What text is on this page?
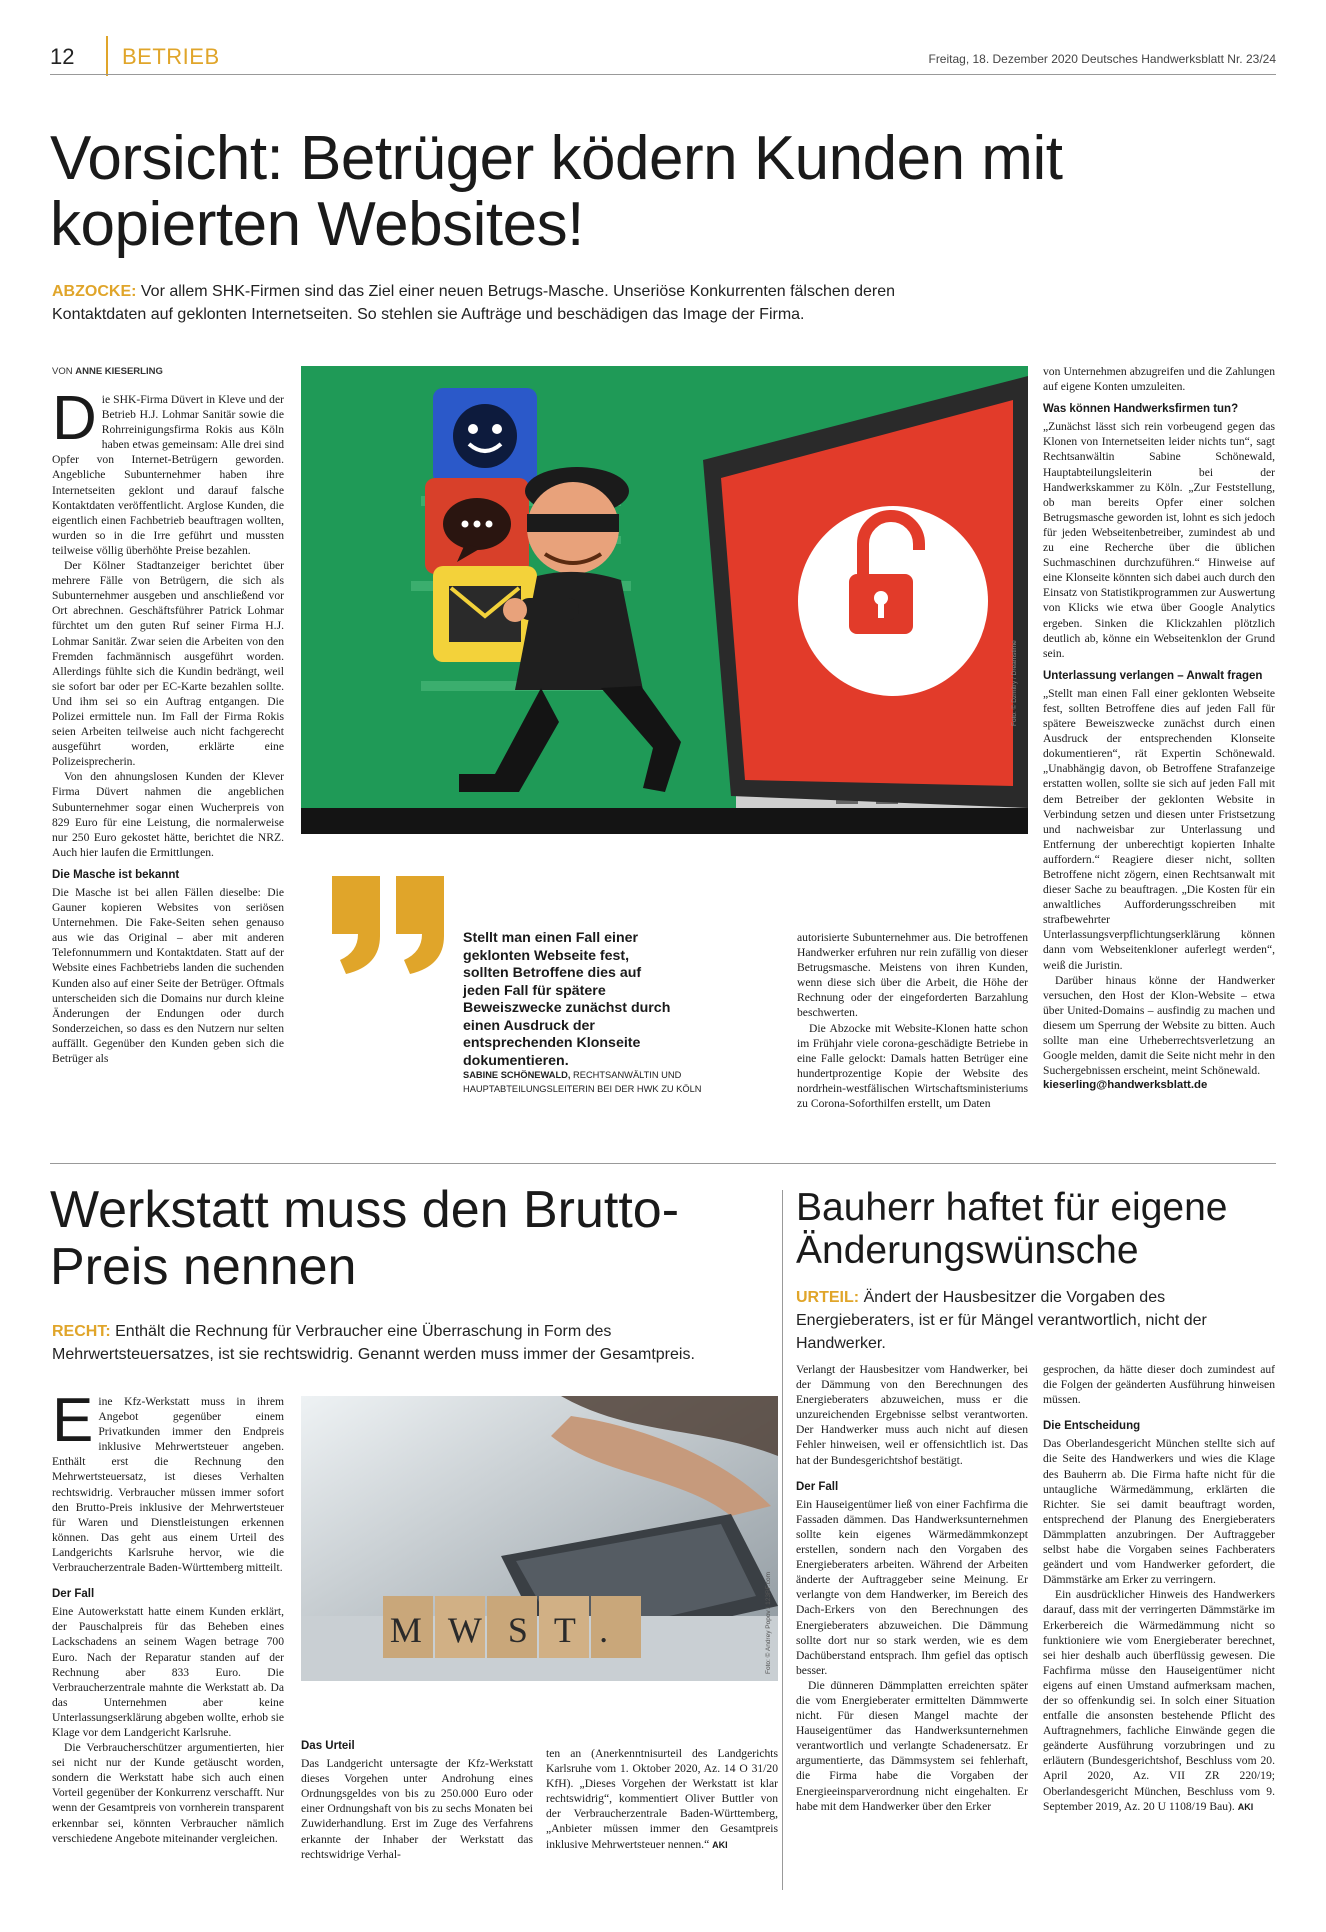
12 BETRIEB	Freitag, 18. Dezember 2020 Deutsches Handwerksblatt Nr. 23/24
Vorsicht: Betrüger ködern Kunden mit kopierten Websites!
ABZOCKE: Vor allem SHK-Firmen sind das Ziel einer neuen Betrugs-Masche. Unseriöse Konkurrenten fälschen deren Kontaktdaten auf geklonten Internetseiten. So stehlen sie Aufträge und beschädigen das Image der Firma.
VON ANNE KIESERLING

Die SHK-Firma Düvert in Kleve und der Betrieb H.J. Lohmar Sanitär sowie die Rohrreinigungsfirma Rokis aus Köln haben etwas gemeinsam: Alle drei sind Opfer von Internet-Betrügern geworden. Angebliche Subunternehmer haben ihre Internetseiten geklont und darauf falsche Kontaktdaten veröffentlicht. Arglose Kunden, die eigentlich einen Fachbetrieb beauftragen wollten, wurden so in die Irre geführt und mussten teilweise völlig überhöhte Preise bezahlen.

Der Kölner Stadtanzeiger berichtet über mehrere Fälle von Betrügern, die sich als Subunternehmer ausgeben und anschließend vor Ort abrechnen. Geschäftsführer Patrick Lohmar fürchtet um den guten Ruf seiner Firma H.J. Lohmar Sanitär. Zwar seien die Arbeiten von den Fremden fachmännisch ausgeführt worden. Allerdings fühlte sich die Kundin bedrängt, weil sie sofort bar oder per EC-Karte bezahlen sollte. Und ihm sei so ein Auftrag entgangen. Die Polizei ermittele nun. Im Fall der Firma Rokis seien Arbeiten teilweise auch nicht fachgerecht ausgeführt worden, erklärte eine Polizeisprecherin.

Von den ahnungslosen Kunden der Klever Firma Düvert nahmen die angeblichen Subunternehmer sogar einen Wucherpreis von 829 Euro für eine Leistung, die normalerweise nur 250 Euro gekostet hätte, berichtet die NRZ. Auch hier laufen die Ermittlungen.

Die Masche ist bekannt

Die Masche ist bei allen Fällen dieselbe: Die Gauner kopieren Websites von seriösen Unternehmen. Die Fake-Seiten sehen genauso aus wie das Original – aber mit anderen Telefonnummern und Kontaktdaten. Statt auf der Website eines Fachbetriebs landen die suchenden Kunden also auf einer Seite der Betrüger. Oftmals unterscheiden sich die Domains nur durch kleine Änderungen der Endungen oder durch Sonderzeichen, so dass es den Nutzern nur selten auffällt. Gegenüber den Kunden geben sich die Betrüger als

Foto: © Dzmitry / Dreamstime
Stellt man einen Fall einer geklonten Webseite fest, sollten Betroffene dies auf jeden Fall für spätere Beweiszwecke zunächst durch einen Ausdruck der entsprechenden Klonseite dokumentieren.
SABINE SCHÖNEWALD, RECHTSANWÄLTIN UND HAUPTABTEILUNGSLEITERIN BEI DER HWK ZU KÖLN

autorisierte Subunternehmer aus. Die betroffenen Handwerker erfuhren nur rein zufällig von dieser Betrugsmasche. Meistens von ihren Kunden, wenn diese sich über die Arbeit, die Höhe der Rechnung oder der eingeforderten Barzahlung beschwerten.

Die Abzocke mit Website-Klonen hatte schon im Frühjahr viele corona-geschädigte Betriebe in eine Falle gelockt: Damals hatten Betrüger eine hundertprozentige Kopie der Website des nordrhein-westfälischen Wirtschaftsministeriums zu Corona-Soforthilfen erstellt, um Daten

von Unternehmen abzugreifen und die Zahlungen auf eigene Konten umzuleiten.

Was können Handwerksfirmen tun?

„Zunächst lässt sich rein vorbeugend gegen das Klonen von Internetseiten leider nichts tun“, sagt Rechtsanwältin Sabine Schönewald, Hauptabteilungsleiterin bei der Handwerkskammer zu Köln. „Zur Feststellung, ob man bereits Opfer einer solchen Betrugsmasche geworden ist, lohnt es sich jedoch für jeden Webseitenbetreiber, zumindest ab und zu eine Recherche über die üblichen Suchmaschinen durchzuführen.“ Hinweise auf eine Klonseite könnten sich dabei auch durch den Einsatz von Statistikprogrammen zur Auswertung von Klicks wie etwa über Google Analytics ergeben. Sinken die Klickzahlen plötzlich deutlich ab, könne ein Webseitenklon der Grund sein.

Unterlassung verlangen – Anwalt fragen

„Stellt man einen Fall einer geklonten Webseite fest, sollten Betroffene dies auf jeden Fall für spätere Beweiszwecke zunächst durch einen Ausdruck der entsprechenden Klonseite dokumentieren“, rät Expertin Schönewald. „Unabhängig davon, ob Betroffene Strafanzeige erstatten wollen, sollte sie sich auf jeden Fall mit dem Betreiber der geklonten Website in Verbindung setzen und diesen unter Fristsetzung und nachweisbar zur Unterlassung und Entfernung der unberechtigt kopierten Inhalte auffordern.“ Reagiere dieser nicht, sollten Betroffene nicht zögern, einen Rechtsanwalt mit dieser Sache zu beauftragen. „Die Kosten für ein anwaltliches Aufforderungsschreiben mit strafbewehrter Unterlassungsverpflichtungserklärung können dann vom Webseitenkloner auferlegt werden“, weiß die Juristin.

Darüber hinaus könne der Handwerker versuchen, den Host der Klon-Website – etwa über United-Domains – ausfindig zu machen und diesem um Sperrung der Website zu bitten. Auch sollte man eine Urheberrechtsverletzung an Google melden, damit die Seite nicht mehr in den Suchergebnissen erscheint, meint Schönewald.

kieserling@handwerksblatt.de
Werkstatt muss den Brutto-Preis nennen
RECHT: Enthält die Rechnung für Verbraucher eine Überraschung in Form des Mehrwertsteuersatzes, ist sie rechtswidrig. Genannt werden muss immer der Gesamtpreis.

Eine Kfz-Werkstatt muss in ihrem Angebot gegenüber einem Privatkunden immer den Endpreis inklusive Mehrwertsteuer angeben. Enthält erst die Rechnung den Mehrwertsteuersatz, ist dieses Verhalten rechtswidrig. Verbraucher müssen immer sofort den Brutto-Preis inklusive der Mehrwertsteuer für Waren und Dienstleistungen erkennen können. Das geht aus einem Urteil des Landgerichts Karlsruhe hervor, wie die Verbraucherzentrale Baden-Württemberg mitteilt.

Der Fall

Eine Autowerkstatt hatte einem Kunden erklärt, der Pauschalpreis für das Beheben eines Lackschadens an seinem Wagen betrage 700 Euro. Nach der Reparatur standen auf der Rechnung aber 833 Euro. Die Verbraucherzentrale mahnte die Werkstatt ab. Da das Unternehmen aber keine Unterlassungserklärung abgeben wollte, erhob sie Klage vor dem Landgericht Karlsruhe.

Die Verbraucherschützer argumentierten, hier sei nicht nur der Kunde getäuscht worden, sondern die Werkstatt habe sich auch einen Vorteil gegenüber der Konkurrenz verschafft. Nur wenn der Gesamtpreis von vornherein transparent erkennbar sei, könnten Verbraucher nämlich verschiedene Angebote miteinander vergleichen.

MWST.	Foto: © Andrey Popov / 123RF.com
Das Urteil

Das Landgericht untersagte der Kfz-Werkstatt dieses Vorgehen unter Androhung eines Ordnungsgeldes von bis zu 250.000 Euro oder einer Ordnungshaft von bis zu sechs Monaten bei Zuwiderhandlung. Erst im Zuge des Verfahrens erkannte der Inhaber der Werkstatt das rechtswidrige Verhal-

ten an (Anerkenntnisurteil des Landgerichts Karlsruhe vom 1. Oktober 2020, Az. 14 O 31/20 KfH). „Dieses Vorgehen der Werkstatt ist klar rechtswidrig“, kommentiert Oliver Buttler von der Verbraucherzentrale Baden-Württemberg, „Anbieter müssen immer den Gesamtpreis inklusive Mehrwertsteuer nennen.“ AKI

Bauherr haftet für eigene Änderungswünsche
URTEIL: Ändert der Hausbesitzer die Vorgaben des Energieberaters, ist er für Mängel verantwortlich, nicht der Handwerker.

Verlangt der Hausbesitzer vom Handwerker, bei der Dämmung von den Berechnungen des Energieberaters abzuweichen, muss er die unzureichenden Ergebnisse selbst verantworten. Der Handwerker muss auch nicht auf diesen Fehler hinweisen, weil er offensichtlich ist. Das hat der Bundesgerichtshof bestätigt.

Der Fall

Ein Hauseigentümer ließ von einer Fachfirma die Fassaden dämmen. Das Handwerksunternehmen sollte kein eigenes Wärmedämmkonzept erstellen, sondern nach den Vorgaben des Energieberaters arbeiten. Während der Arbeiten änderte der Auftraggeber seine Meinung. Er verlangte von dem Handwerker, im Bereich des Dach-Erkers von den Berechnungen des Energieberaters abzuweichen. Die Dämmung sollte dort nur so stark werden, wie es dem Dachüberstand entsprach. Ihm gefiel das optisch besser.

Die dünneren Dämmplatten erreichten später die vom Energieberater ermittelten Dämmwerte nicht. Für diesen Mangel machte der Hauseigentümer das Handwerksunternehmen verantwortlich und verlangte Schadenersatz. Er argumentierte, das Dämmsystem sei fehlerhaft, die Firma habe die Vorgaben der Energieeinsparverordnung nicht eingehalten. Er habe mit dem Handwerker über den Erker

gesprochen, da hätte dieser doch zumindest auf die Folgen der geänderten Ausführung hinweisen müssen.

Die Entscheidung

Das Oberlandesgericht München stellte sich auf die Seite des Handwerkers und wies die Klage des Bauherrn ab. Die Firma hafte nicht für die untaugliche Wärmedämmung, erklärten die Richter. Sie sei damit beauftragt worden, entsprechend der Planung des Energieberaters Dämmplatten anzubringen. Der Auftraggeber selbst habe die Vorgaben seines Fachberaters geändert und vom Handwerker gefordert, die Dämmstärke am Erker zu verringern.

Ein ausdrücklicher Hinweis des Handwerkers darauf, dass mit der verringerten Dämmstärke im Erkerbereich die Wärmedämmung nicht so funktioniere wie vom Energieberater berechnet, sei hier deshalb auch überflüssig gewesen. Die Fachfirma müsse den Hauseigentümer nicht eigens auf einen Umstand aufmerksam machen, der so offenkundig sei. In solch einer Situation entfalle die ansonsten bestehende Pflicht des Auftragnehmers, fachliche Einwände gegen die geänderte Ausführung vorzubringen und zu erläutern (Bundesgerichtshof, Beschluss vom 20. April 2020, Az. VII ZR 220/19; Oberlandesgericht München, Beschluss vom 9. September 2019, Az. 20 U 1108/19 Bau). AKI
